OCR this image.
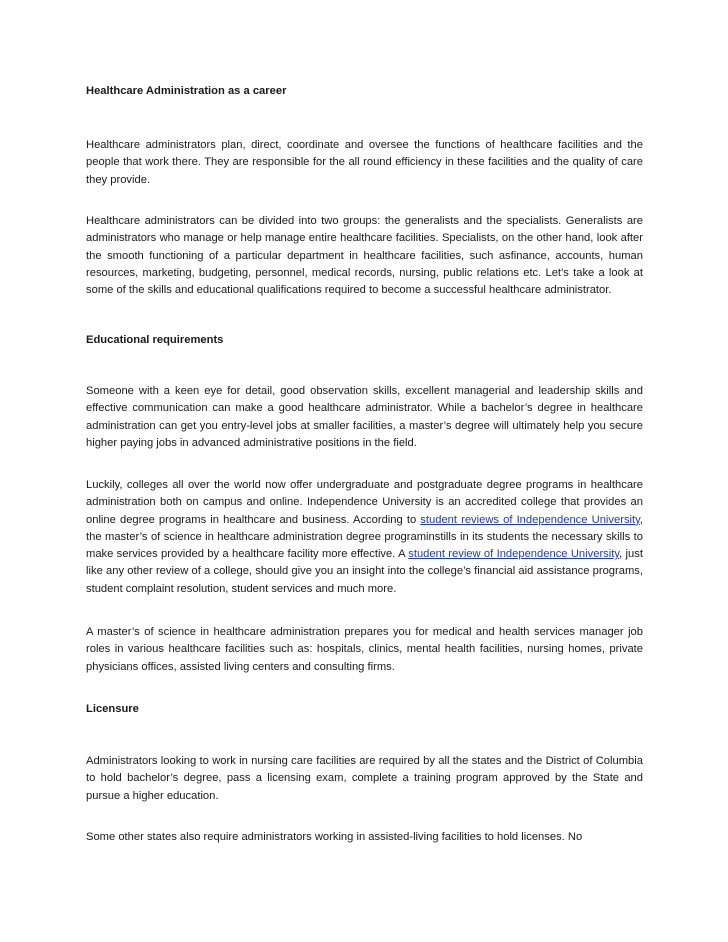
Healthcare Administration as a career

Healthcare administrators plan, direct, coordinate and oversee the functions of healthcare facilities and the people that work there. They are responsible for the all round efficiency in these facilities and the quality of care they provide.

Healthcare administrators can be divided into two groups: the generalists and the specialists. Generalists are administrators who manage or help manage entire healthcare facilities. Specialists, on the other hand, look after the smooth functioning of a particular department in healthcare facilities, such asfinance, accounts, human resources, marketing, budgeting, personnel, medical records, nursing, public relations etc. Let’s take a look at some of the skills and educational qualifications required to become a successful healthcare administrator.

Educational requirements

Someone with a keen eye for detail, good observation skills, excellent managerial and leadership skills and effective communication can make a good healthcare administrator. While a bachelor’s degree in healthcare administration can get you entry-level jobs at smaller facilities, a master’s degree will ultimately help you secure higher paying jobs in advanced administrative positions in the field.

Luckily, colleges all over the world now offer undergraduate and postgraduate degree programs in healthcare administration both on campus and online. Independence University is an accredited college that provides an online degree programs in healthcare and business. According to student reviews of Independence University, the master’s of science in healthcare administration degree programinstills in its students the necessary skills to make services provided by a healthcare facility more effective. A student review of Independence University, just like any other review of a college, should give you an insight into the college’s financial aid assistance programs, student complaint resolution, student services and much more.

A master’s of science in healthcare administration prepares you for medical and health services manager job roles in various healthcare facilities such as: hospitals, clinics, mental health facilities, nursing homes, private physicians offices, assisted living centers and consulting firms.

Licensure

Administrators looking to work in nursing care facilities are required by all the states and the District of Columbia to hold bachelor’s degree, pass a licensing exam, complete a training program approved by the State and pursue a higher education.

Some other states also require administrators working in assisted-living facilities to hold licenses. No
